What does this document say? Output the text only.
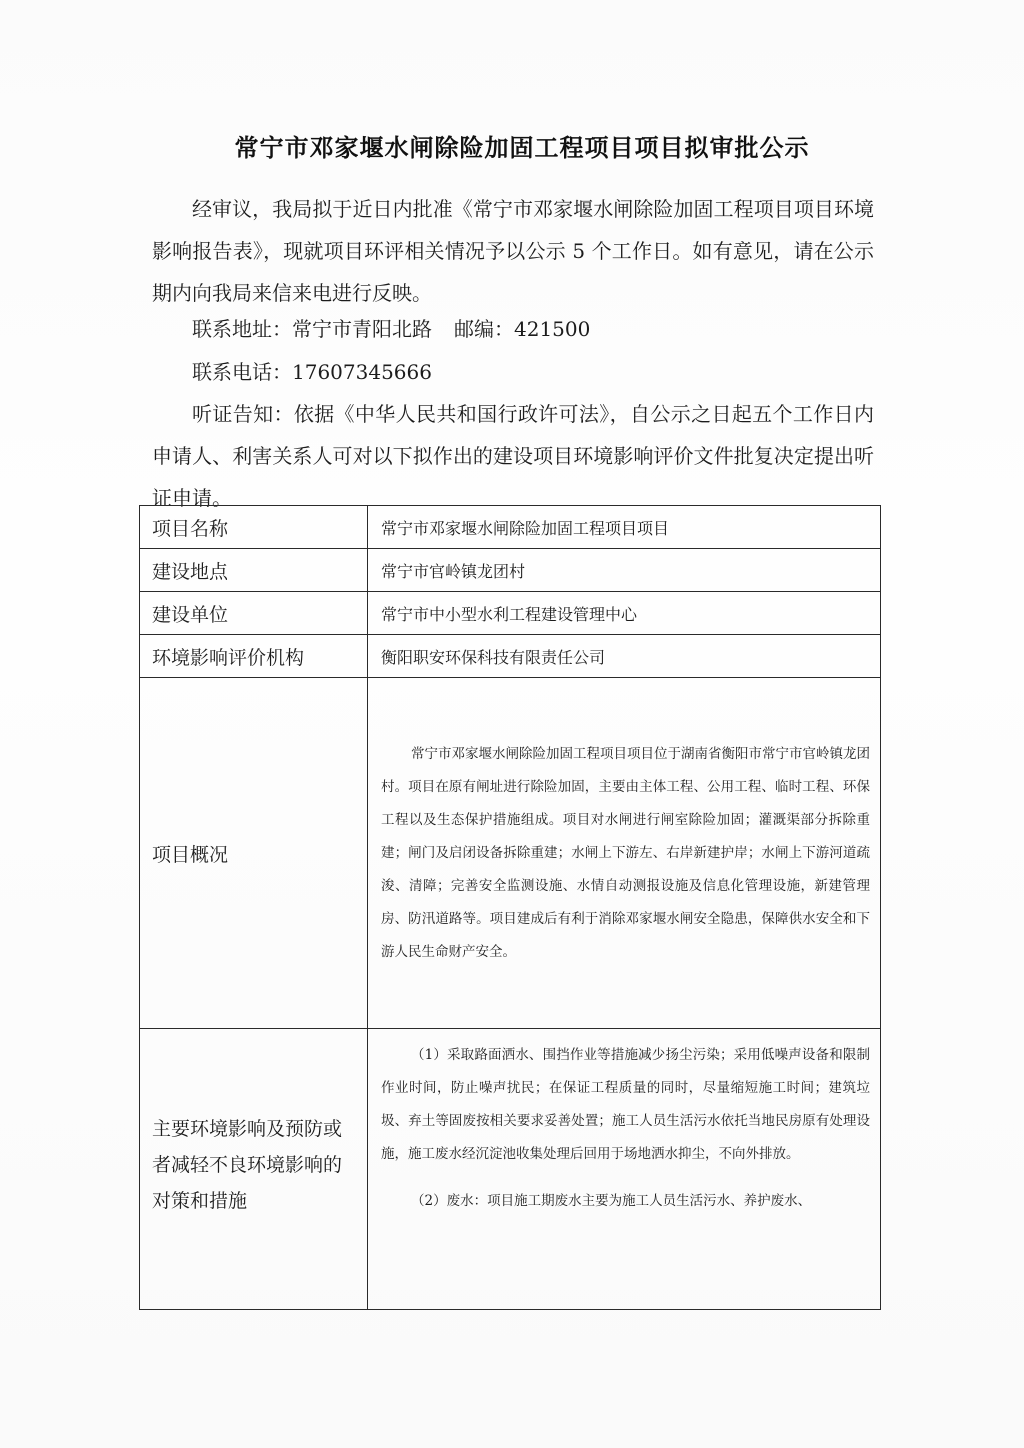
常宁市邓家堰水闸除险加固工程项目项目拟审批公示
经审议，我局拟于近日内批准《常宁市邓家堰水闸除险加固工程项目项目环境影响报告表》，现就项目环评相关情况予以公示 5 个工作日。如有意见，请在公示期内向我局来信来电进行反映。
联系地址：常宁市青阳北路 邮编：421500
联系电话：17607345666
听证告知：依据《中华人民共和国行政许可法》，自公示之日起五个工作日内申请人、利害关系人可对以下拟作出的建设项目环境影响评价文件批复决定提出听证申请。
项目名称	常宁市邓家堰水闸除险加固工程项目项目
建设地点	常宁市官岭镇龙团村
建设单位	常宁市中小型水利工程建设管理中心
环境影响评价机构	衡阳职安环保科技有限责任公司
项目概况	常宁市邓家堰水闸除险加固工程项目项目位于湖南省衡阳市常宁市官岭镇龙团村。项目在原有闸址进行除险加固，主要由主体工程、公用工程、临时工程、环保工程以及生态保护措施组成。项目对水闸进行闸室除险加固；灌溉渠部分拆除重建；闸门及启闭设备拆除重建；水闸上下游左、右岸新建护岸；水闸上下游河道疏浚、清障；完善安全监测设施、水情自动测报设施及信息化管理设施，新建管理房、防汛道路等。项目建成后有利于消除邓家堰水闸安全隐患，保障供水安全和下游人民生命财产安全。

主要环境影响及预防或者减轻不良环境影响的对策和措施	（1）采取路面洒水、围挡作业等措施减少扬尘污染；采用低噪声设备和限制作业时间，防止噪声扰民；在保证工程质量的同时，尽量缩短施工时间；建筑垃圾、弃土等固废按相关要求妥善处置；施工人员生活污水依托当地民房原有处理设施，施工废水经沉淀池收集处理后回用于场地洒水抑尘，不向外排放。
（2）废水：项目施工期废水主要为施工人员生活污水、养护废水、
